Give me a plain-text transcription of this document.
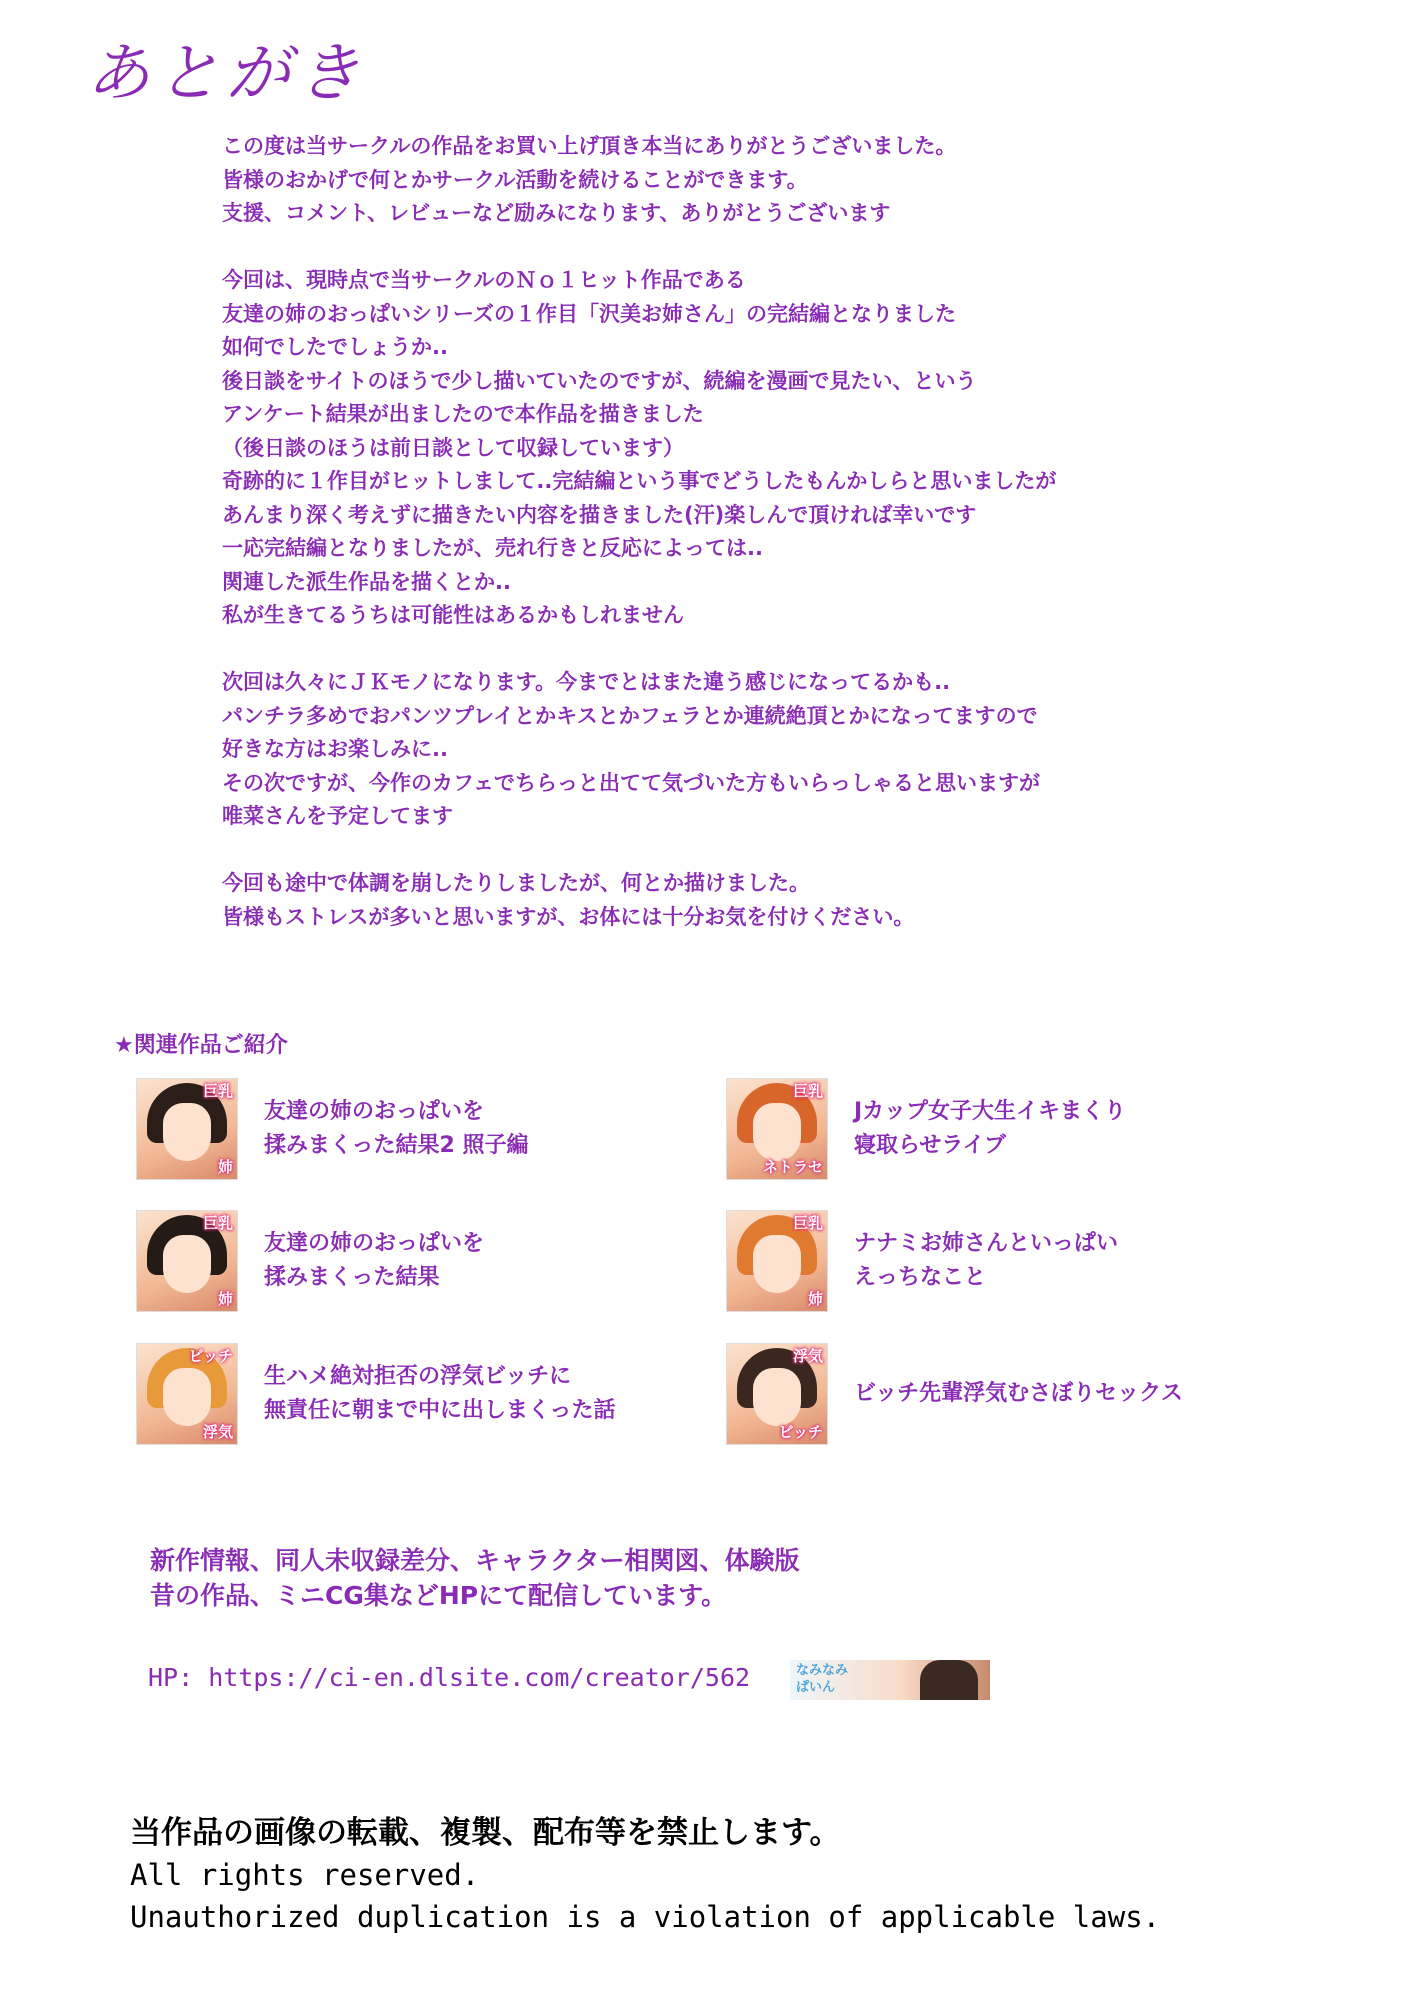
あとがき
この度は当サークルの作品をお買い上げ頂き本当にありがとうございました。
皆様のおかげで何とかサークル活動を続けることができます。
支援、コメント、レビューなど励みになります、ありがとうございます
今回は、現時点で当サークルのＮｏ１ヒット作品である
友達の姉のおっぱいシリーズの１作目「沢美お姉さん」の完結編となりました
如何でしたでしょうか..
後日談をサイトのほうで少し描いていたのですが、続編を漫画で見たい、という
アンケート結果が出ましたので本作品を描きました
（後日談のほうは前日談として収録しています）
奇跡的に１作目がヒットしまして..完結編という事でどうしたもんかしらと思いましたが
あんまり深く考えずに描きたい内容を描きました(汗)楽しんで頂ければ幸いです
一応完結編となりましたが、売れ行きと反応によっては..
関連した派生作品を描くとか..
私が生きてるうちは可能性はあるかもしれません
次回は久々にＪＫモノになります。今までとはまた違う感じになってるかも..
パンチラ多めでおパンツプレイとかキスとかフェラとか連続絶頂とかになってますので
好きな方はお楽しみに..
その次ですが、今作のカフェでちらっと出てて気づいた方もいらっしゃると思いますが
唯菜さんを予定してます
今回も途中で体調を崩したりしましたが、何とか描けました。
皆様もストレスが多いと思いますが、お体には十分お気を付けください。
★関連作品ご紹介
巨乳
姉
友達の姉のおっぱいを
揉みまくった結果2 照子編
巨乳
ネトラセ
Jカップ女子大生イキまくり
寝取らせライブ
巨乳
姉
友達の姉のおっぱいを
揉みまくった結果
巨乳
姉
ナナミお姉さんといっぱい
えっちなこと
ビッチ
浮気
生ハメ絶対拒否の浮気ビッチに
無責任に朝まで中に出しまくった話
浮気
ビッチ
ビッチ先輩浮気むさぼりセックス
新作情報、同人未収録差分、キャラクター相関図、体験版
昔の作品、ミニCG集などHPにて配信しています。
HP: https://ci-en.dlsite.com/creator/562	なみなみぱいん
当作品の画像の転載、複製、配布等を禁止します。
All rights reserved.
Unauthorized duplication is a violation of applicable laws.
